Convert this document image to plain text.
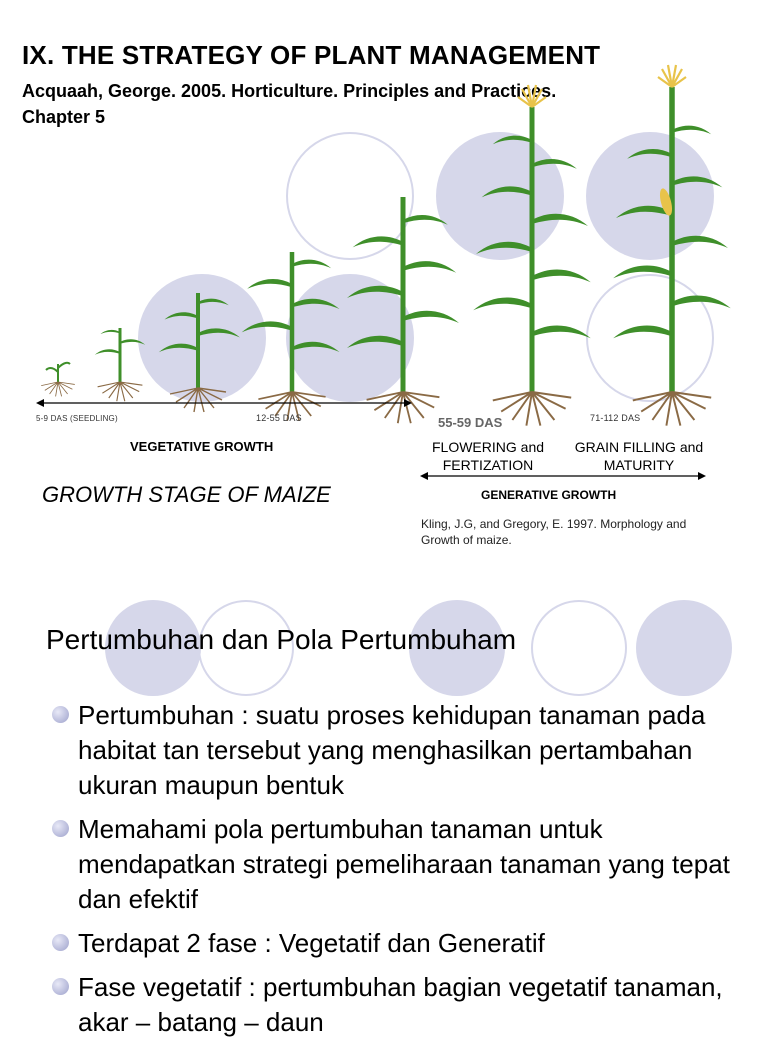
IX. THE STRATEGY OF PLANT MANAGEMENT
Acquaah, George. 2005. Horticulture. Principles and Practices.
Chapter 5
5-9 DAS (SEEDLING)	12-55 DAS	55-59 DAS	71-112 DAS
VEGETATIVE GROWTH	FLOWERING and
FERTIZATION
GRAIN FILLING and
MATURITY
GROWTH STAGE OF MAIZE	GENERATIVE GROWTH
Kling, J.G, and Gregory, E. 1997. Morphology and
Growth of maize.
Pertumbuhan dan Pola Pertumbuham
Pertumbuhan : suatu proses kehidupan tanaman pada habitat tan tersebut yang menghasilkan pertambahan ukuran maupun bentuk
Memahami pola pertumbuhan tanaman untuk mendapatkan strategi pemeliharaan tanaman yang tepat dan efektif
Terdapat 2 fase : Vegetatif dan Generatif
Fase vegetatif : pertumbuhan bagian vegetatif tanaman, akar – batang – daun
